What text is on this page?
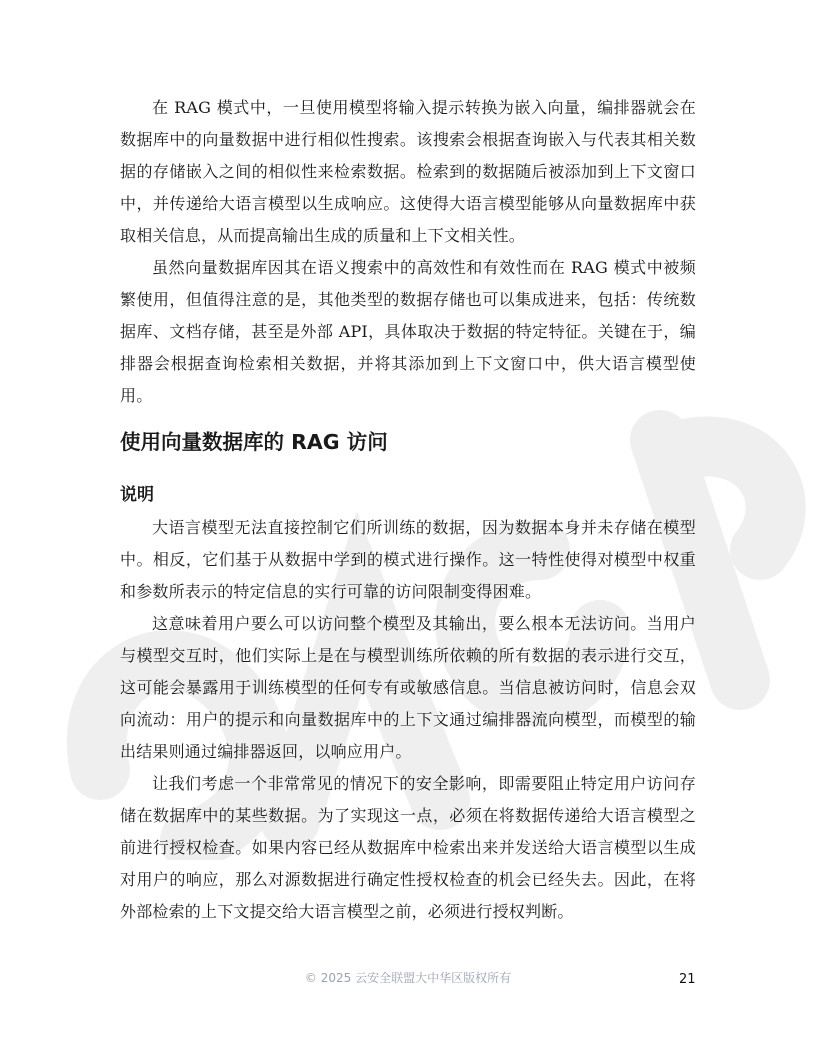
在 RAG 模式中，一旦使用模型将输入提示转换为嵌入向量，编排器就会在数据库中的向量数据中进行相似性搜索。该搜索会根据查询嵌入与代表其相关数据的存储嵌入之间的相似性来检索数据。检索到的数据随后被添加到上下文窗口中，并传递给大语言模型以生成响应。这使得大语言模型能够从向量数据库中获取相关信息，从而提高输出生成的质量和上下文相关性。

虽然向量数据库因其在语义搜索中的高效性和有效性而在 RAG 模式中被频繁使用，但值得注意的是，其他类型的数据存储也可以集成进来，包括：传统数据库、文档存储，甚至是外部 API，具体取决于数据的特定特征。关键在于，编排器会根据查询检索相关数据，并将其添加到上下文窗口中，供大语言模型使用。

使用向量数据库的 RAG 访问
说明

大语言模型无法直接控制它们所训练的数据，因为数据本身并未存储在模型中。相反，它们基于从数据中学到的模式进行操作。这一特性使得对模型中权重和参数所表示的特定信息的实行可靠的访问限制变得困难。

这意味着用户要么可以访问整个模型及其输出，要么根本无法访问。当用户与模型交互时，他们实际上是在与模型训练所依赖的所有数据的表示进行交互，这可能会暴露用于训练模型的任何专有或敏感信息。当信息被访问时，信息会双向流动：用户的提示和向量数据库中的上下文通过编排器流向模型，而模型的输出结果则通过编排器返回，以响应用户。

让我们考虑一个非常常见的情况下的安全影响，即需要阻止特定用户访问存储在数据库中的某些数据。为了实现这一点，必须在将数据传递给大语言模型之前进行授权检查。如果内容已经从数据库中检索出来并发送给大语言模型以生成对用户的响应，那么对源数据进行确定性授权检查的机会已经失去。因此，在将外部检索的上下文提交给大语言模型之前，必须进行授权判断。

© 2025 云安全联盟大中华区版权所有	21
